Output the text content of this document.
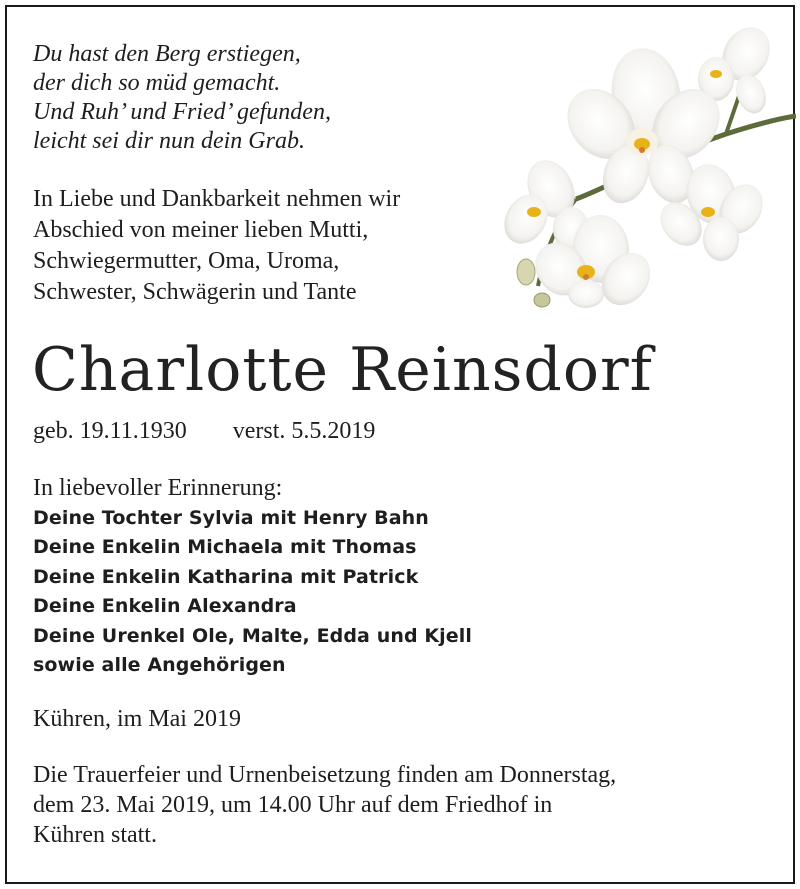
Du hast den Berg erstiegen,
der dich so müd gemacht.
Und Ruh’ und Fried’ gefunden,
leicht sei dir nun dein Grab.
In Liebe und Dankbarkeit nehmen wir
Abschied von meiner lieben Mutti,
Schwiegermutter, Oma, Uroma,
Schwester, Schwägerin und Tante
Charlotte Reinsdorf
geb. 19.11.1930 verst. 5.5.2019
In liebevoller Erinnerung:
Deine Tochter Sylvia mit Henry Bahn
Deine Enkelin Michaela mit Thomas
Deine Enkelin Katharina mit Patrick
Deine Enkelin Alexandra
Deine Urenkel Ole, Malte, Edda und Kjell
sowie alle Angehörigen
Kühren, im Mai 2019
Die Trauerfeier und Urnenbeisetzung finden am Donnerstag,
dem 23. Mai 2019, um 14.00 Uhr auf dem Friedhof in
Kühren statt.
